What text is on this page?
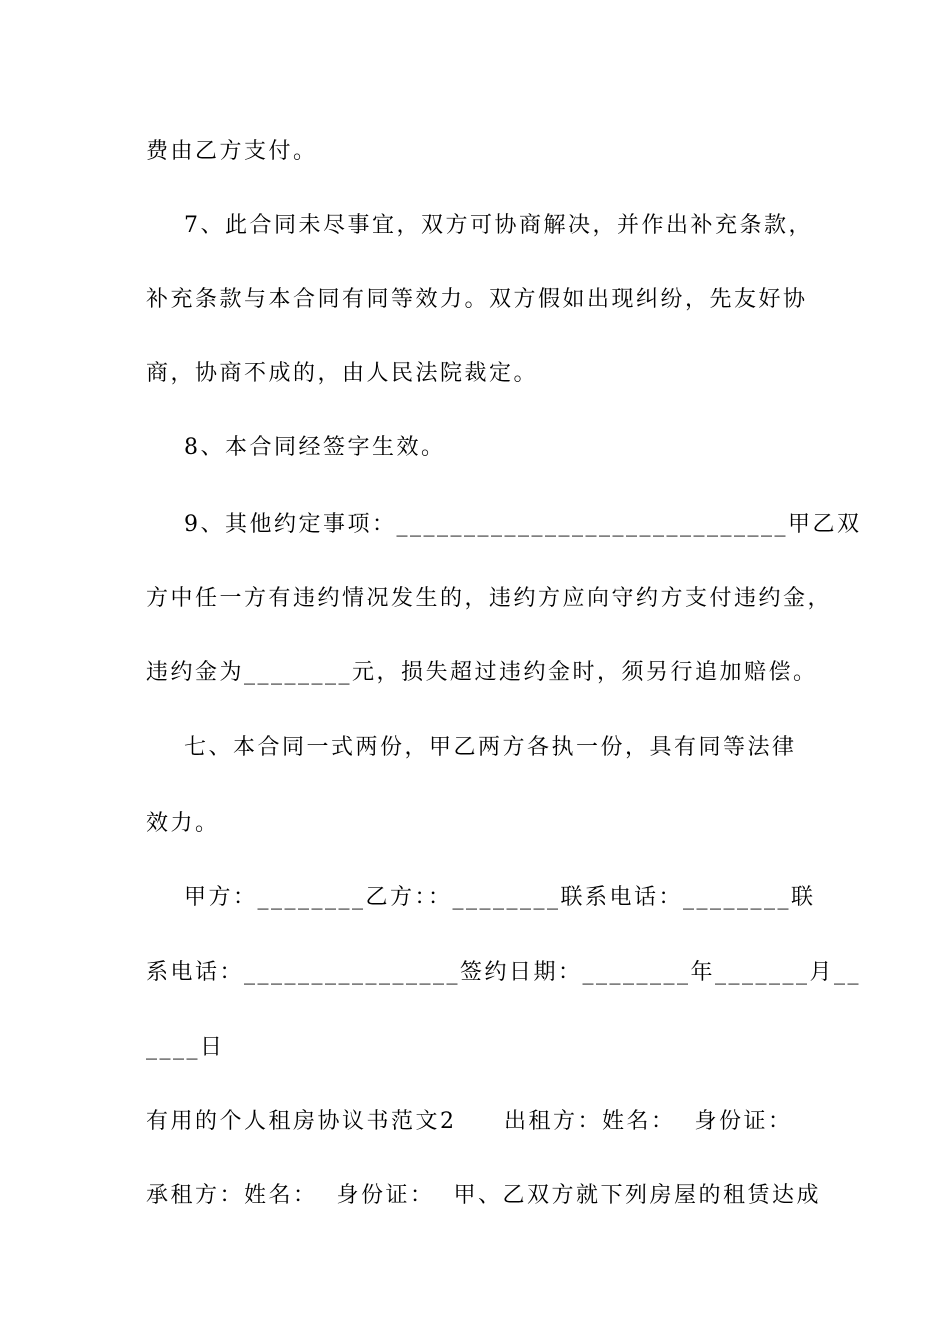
费由乙方支付。
7、此合同未尽事宜，双方可协商解决，并作出补充条款，
补充条款与本合同有同等效力。双方假如出现纠纷，先友好协
商，协商不成的，由人民法院裁定。
8、本合同经签字生效。
9、其他约定事项：_____________________________甲乙双
方中任一方有违约情况发生的，违约方应向守约方支付违约金，
违约金为________元，损失超过违约金时，须另行追加赔偿。
七、本合同一式两份，甲乙两方各执一份，具有同等法律
效力。
甲方：________乙方：：________联系电话：________联
系电话：________________签约日期：________年_______月__
____日
有用的个人租房协议书范文2     出租方：姓名：  身份证：
承租方：姓名：  身份证：  甲、乙双方就下列房屋的租赁达成
